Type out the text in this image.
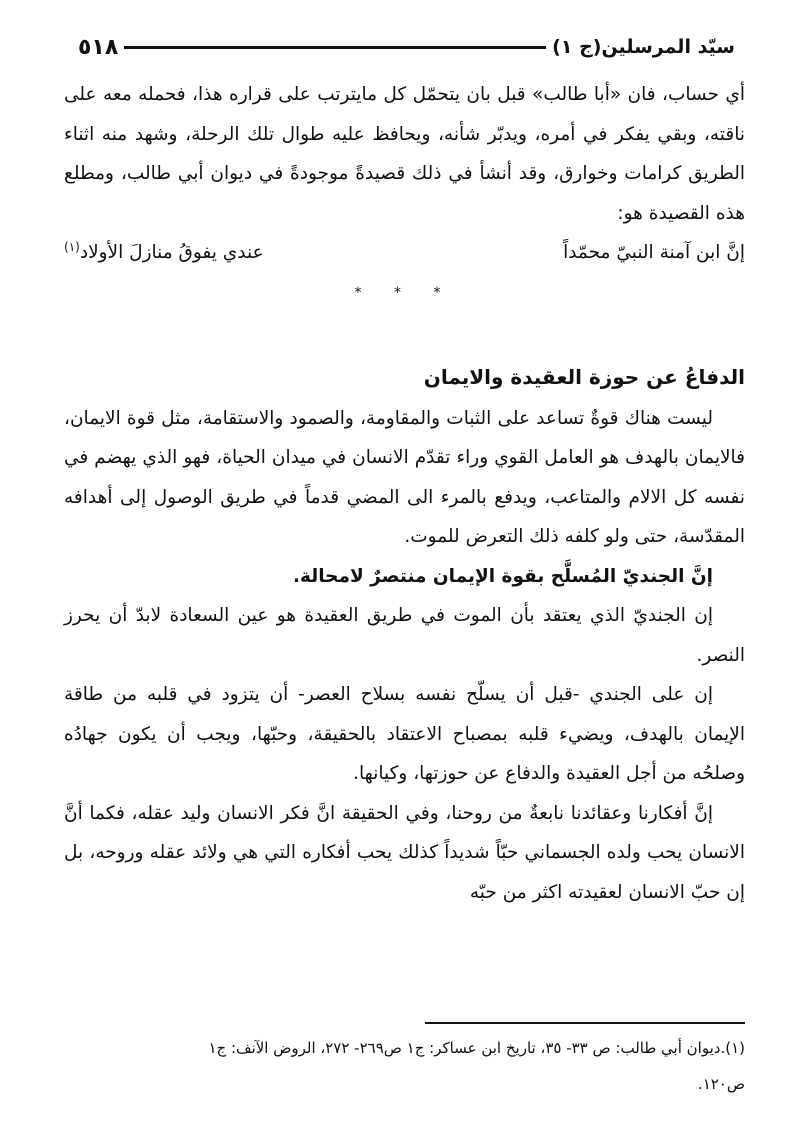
سيّد المرسلين(ج ١)
٥١٨

أي حساب، فان «أبا طالب» قبل بان يتحمّل كل مايترتب على قراره هذا، فحمله معه على ناقته، وبقي يفكر في أمره، ويدبّر شأنه، ويحافظ عليه طوال تلك الرحلة، وشهد منه اثناء الطريق كرامات وخوارق، وقد أنشأ في ذلك قصيدةً موجودةً في ديوان أبي طالب، ومطلع هذه القصيدة هو:

إنَّ ابن آمنة النبيّ محمّداً
عندي يفوقُ منازلَ الأولاد$^{(١)}$
* * *
الدفاعُ عن حوزة العقيدة والايمان

ليست هناك قوةٌ تساعد على الثبات والمقاومة، والصمود والاستقامة، مثل قوة الايمان، فالايمان بالهدف هو العامل القوي وراء تقدّم الانسان في ميدان الحياة، فهو الذي يهضم في نفسه كل الالام والمتاعب، ويدفع بالمرء الى المضي قدماً في طريق الوصول إلى أهدافه المقدّسة، حتى ولو كلفه ذلك التعرض للموت.

إنَّ الجنديّ المُسلَّح بقوة الإيمان منتصرٌ لامحالة.

إن الجنديّ الذي يعتقد بأن الموت في طريق العقيدة هو عين السعادة لابدّ أن يحرز النصر.

إن على الجندي -قبل أن يسلّح نفسه بسلاح العصر- أن يتزود في قلبه من طاقة الإيمان بالهدف، ويضيء قلبه بمصباح الاعتقاد بالحقيقة، وحبّها، ويجب أن يكون جهادُه وصلحُه من أجل العقيدة والدفاع عن حوزتها، وكيانها.

إنَّ أفكارنا وعقائدنا نابعةٌ من روحنا، وفي الحقيقة انَّ فكر الانسان وليد عقله، فكما أنَّ الانسان يحب ولده الجسماني حبّاً شديداً كذلك يحب أفكاره التي هي ولائد عقله وروحه، بل إن حبّ الانسان لعقيدته اكثر من حبّه

(١).ديوان أبي طالب: ص ٣٣- ٣٥، تاريخ ابن عساكر: ج١ ص٢٦٩- ٢٧٢، الروض الآنف: ج١

ص١٢٠.
